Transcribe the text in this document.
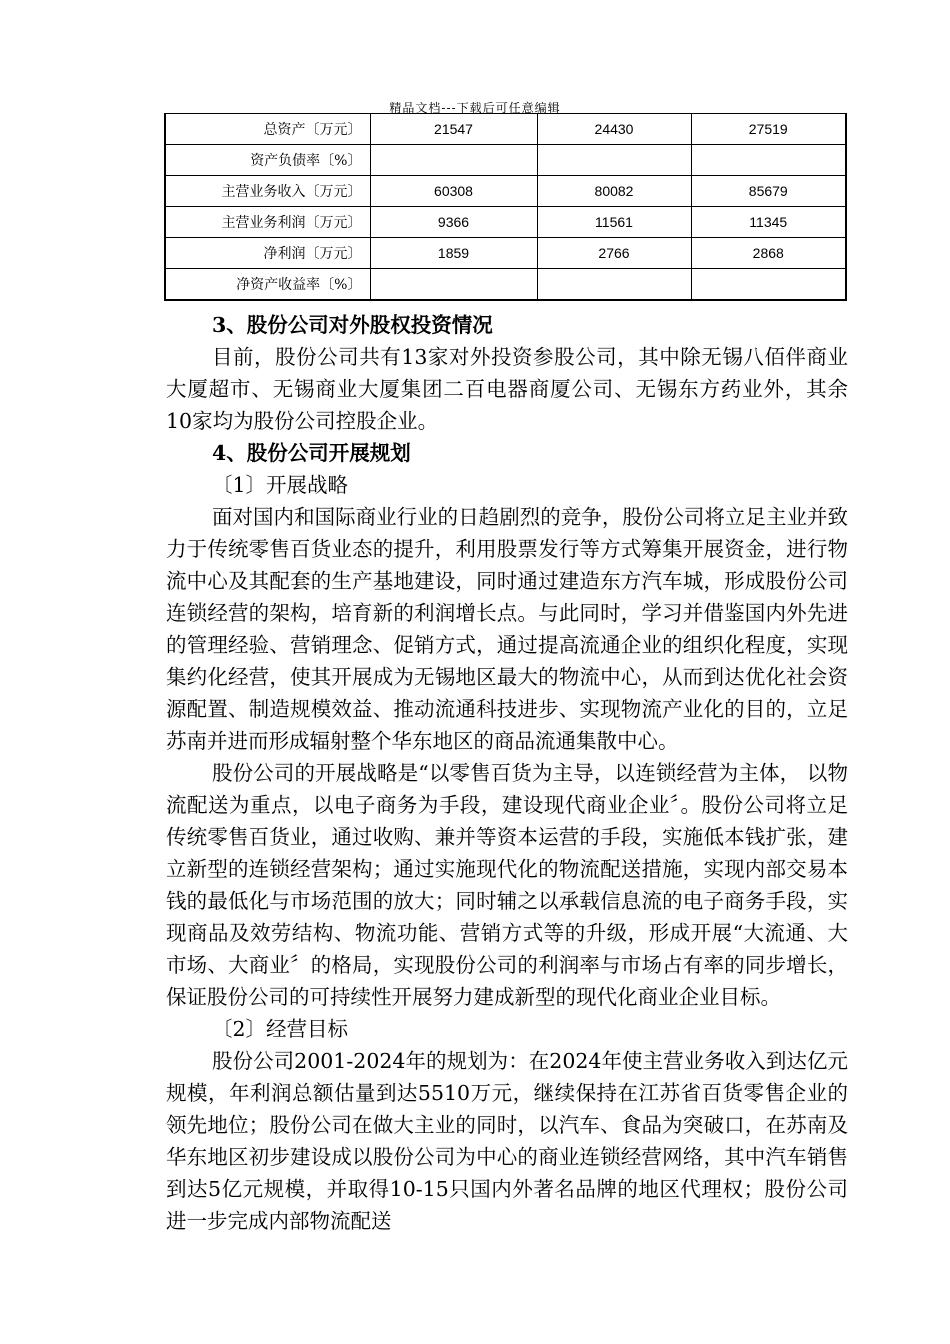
精品文档---下载后可任意编辑
总资产〔万元〕	21547	24430	27519
资产负债率〔%〕			
主营业务收入〔万元〕	60308	80082	85679
主营业务利润〔万元〕	9366	11561	11345
净利润〔万元〕	1859	2766	2868
净资产收益率〔%〕			

3、股份公司对外股权投资情况

目前，股份公司共有13家对外投资参股公司，其中除无锡八佰伴商业大厦超市、无锡商业大厦集团二百电器商厦公司、无锡东方药业外，其余10家均为股份公司控股企业。

4、股份公司开展规划

〔1〕开展战略

面对国内和国际商业行业的日趋剧烈的竞争，股份公司将立足主业并致力于传统零售百货业态的提升，利用股票发行等方式筹集开展资金，进行物流中心及其配套的生产基地建设，同时通过建造东方汽车城，形成股份公司连锁经营的架构，培育新的利润增长点。与此同时，学习并借鉴国内外先进的管理经验、营销理念、促销方式，通过提高流通企业的组织化程度，实现集约化经营，使其开展成为无锡地区最大的物流中心，从而到达优化社会资源配置、制造规模效益、推动流通科技进步、实现物流产业化的目的，立足苏南并进而形成辐射整个华东地区的商品流通集散中心。

股份公司的开展战略是“以零售百货为主导，以连锁经营为主体， 以物流配送为重点，以电子商务为手段，建设现代商业企业〞。股份公司将立足传统零售百货业，通过收购、兼并等资本运营的手段，实施低本钱扩张，建立新型的连锁经营架构；通过实施现代化的物流配送措施，实现内部交易本钱的最低化与市场范围的放大；同时辅之以承载信息流的电子商务手段，实现商品及效劳结构、物流功能、营销方式等的升级，形成开展“大流通、大市场、大商业〞的格局，实现股份公司的利润率与市场占有率的同步增长，保证股份公司的可持续性开展努力建成新型的现代化商业企业目标。

〔2〕经营目标

股份公司2001-2024年的规划为：在2024年使主营业务收入到达亿元规模，年利润总额估量到达5510万元，继续保持在江苏省百货零售企业的领先地位；股份公司在做大主业的同时，以汽车、食品为突破口，在苏南及华东地区初步建设成以股份公司为中心的商业连锁经营网络，其中汽车销售到达5亿元规模，并取得10-15只国内外著名品牌的地区代理权；股份公司进一步完成内部物流配送
